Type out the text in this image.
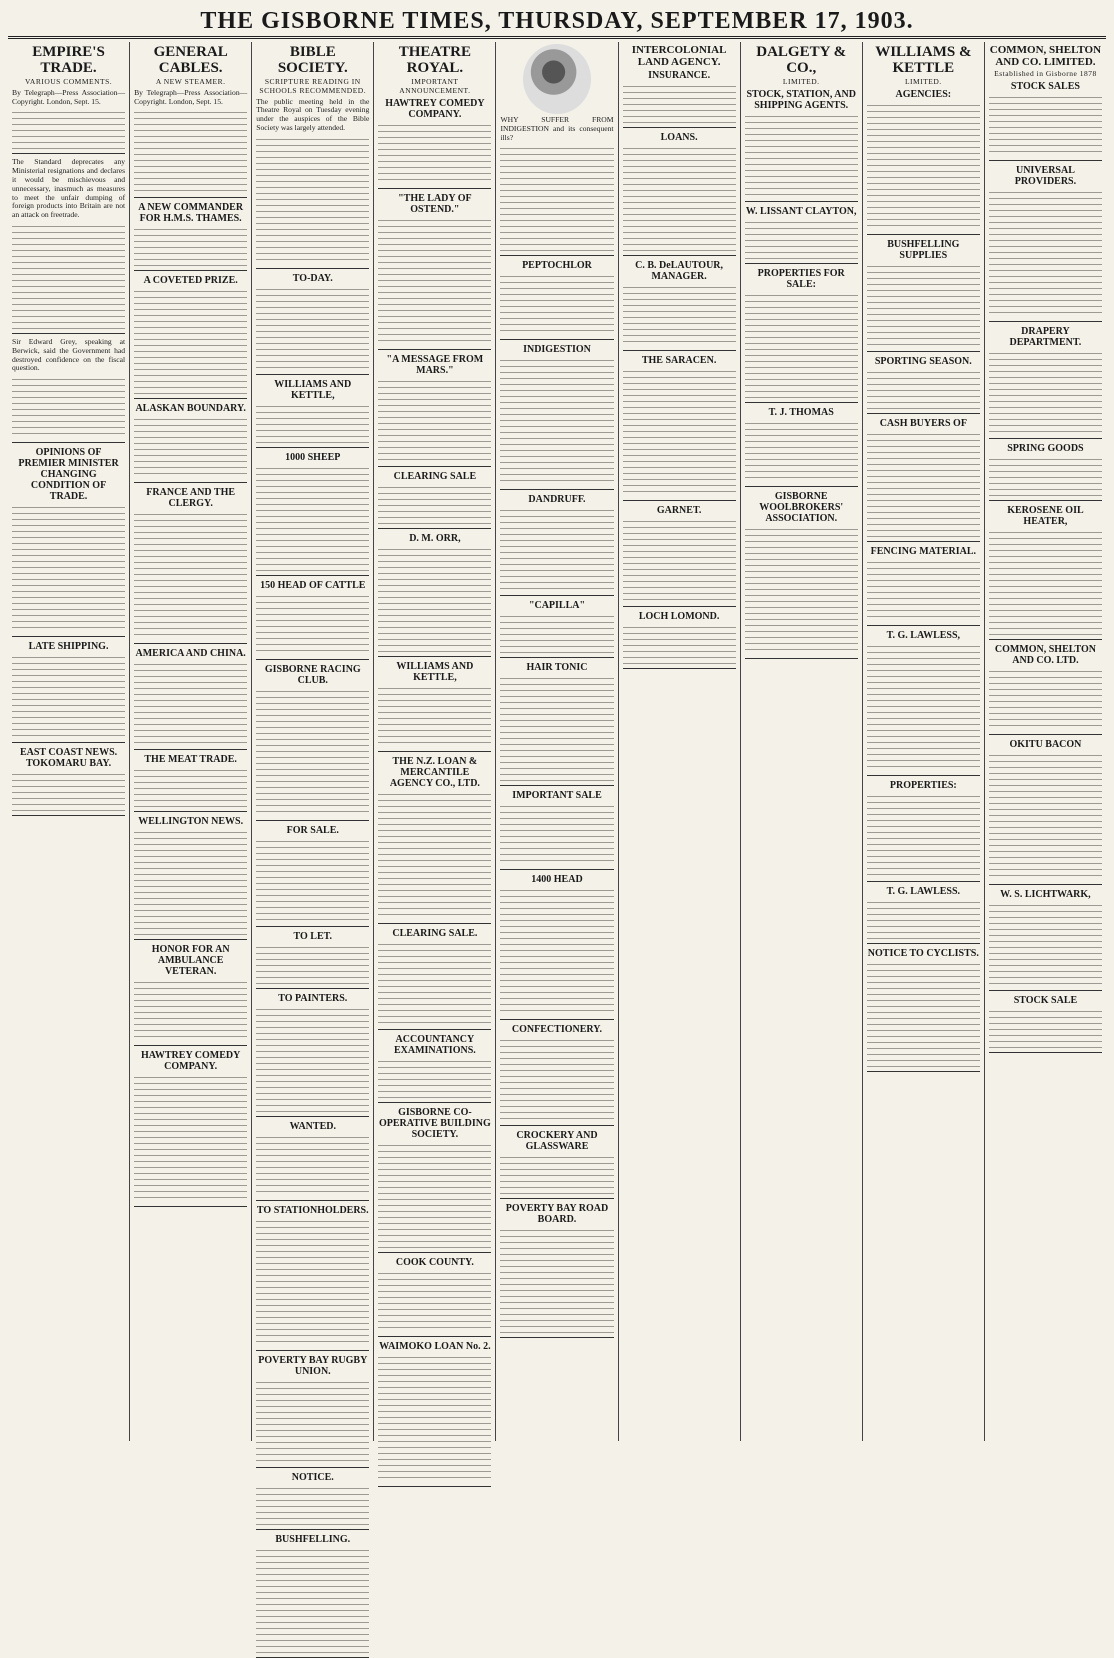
THE GISBORNE TIMES, THURSDAY, SEPTEMBER 17, 1903.
EMPIRE'S TRADE.
VARIOUS COMMENTS.
By Telegraph—Press Association—Copyright. London, Sept. 15.
The Standard deprecates any Ministerial resignations and declares it would be mischievous and unnecessary, inasmuch as measures to meet the unfair dumping of foreign products into Britain are not an attack on freetrade.
Sir Edward Grey, speaking at Berwick, said the Government had destroyed confidence on the fiscal question.
OPINIONS OF PREMIER MINISTER CHANGING CONDITION OF TRADE.
LATE SHIPPING.
EAST COAST NEWS. TOKOMARU BAY.
GENERAL CABLES.
A NEW STEAMER.
By Telegraph—Press Association—Copyright. London, Sept. 15.
A NEW COMMANDER FOR H.M.S. THAMES.
A COVETED PRIZE.
ALASKAN BOUNDARY.
FRANCE AND THE CLERGY.
AMERICA AND CHINA.
THE MEAT TRADE.
WELLINGTON NEWS.
HONOR FOR AN AMBULANCE VETERAN.
HAWTREY COMEDY COMPANY.
BIBLE SOCIETY.
SCRIPTURE READING IN SCHOOLS RECOMMENDED.
The public meeting held in the Theatre Royal on Tuesday evening under the auspices of the Bible Society was largely attended.
TO-DAY.
WILLIAMS AND KETTLE,
1000 SHEEP
150 HEAD OF CATTLE
GISBORNE RACING CLUB.
FOR SALE.
TO LET.
TO PAINTERS.
WANTED.
TO STATIONHOLDERS.
POVERTY BAY RUGBY UNION.
NOTICE.
BUSHFELLING.
THEATRE ROYAL.
IMPORTANT ANNOUNCEMENT.
HAWTREY COMEDY COMPANY.
"THE LADY OF OSTEND."
"A MESSAGE FROM MARS."
CLEARING SALE
D. M. ORR,
WILLIAMS AND KETTLE,
THE N.Z. LOAN & MERCANTILE AGENCY CO., LTD.
CLEARING SALE.
ACCOUNTANCY EXAMINATIONS.
GISBORNE CO-OPERATIVE BUILDING SOCIETY.
COOK COUNTY.
WAIMOKO LOAN No. 2.
WHY SUFFER FROM INDIGESTION and its consequent ills?
PEPTOCHLOR
INDIGESTION
DANDRUFF.
"CAPILLA"
HAIR TONIC
IMPORTANT SALE
1400 HEAD
CONFECTIONERY.
CROCKERY AND GLASSWARE
POVERTY BAY ROAD BOARD.
INTERCOLONIAL LAND AGENCY.
INSURANCE.
LOANS.
C. B. DeLAUTOUR, MANAGER.
THE SARACEN.
GARNET.
LOCH LOMOND.
DALGETY & CO.,
LIMITED.
STOCK, STATION, AND SHIPPING AGENTS.
W. LISSANT CLAYTON,
PROPERTIES FOR SALE:
T. J. THOMAS
GISBORNE WOOLBROKERS' ASSOCIATION.
WILLIAMS & KETTLE
LIMITED.
AGENCIES:
BUSHFELLING SUPPLIES
SPORTING SEASON.
CASH BUYERS OF
FENCING MATERIAL.
T. G. LAWLESS,
PROPERTIES:
T. G. LAWLESS.
NOTICE TO CYCLISTS.
COMMON, SHELTON AND CO. LIMITED.
Established in Gisborne 1878
STOCK SALES
UNIVERSAL PROVIDERS.
DRAPERY DEPARTMENT.
SPRING GOODS
KEROSENE OIL HEATER,
COMMON, SHELTON AND CO. LTD.
OKITU BACON
W. S. LICHTWARK,
STOCK SALE
